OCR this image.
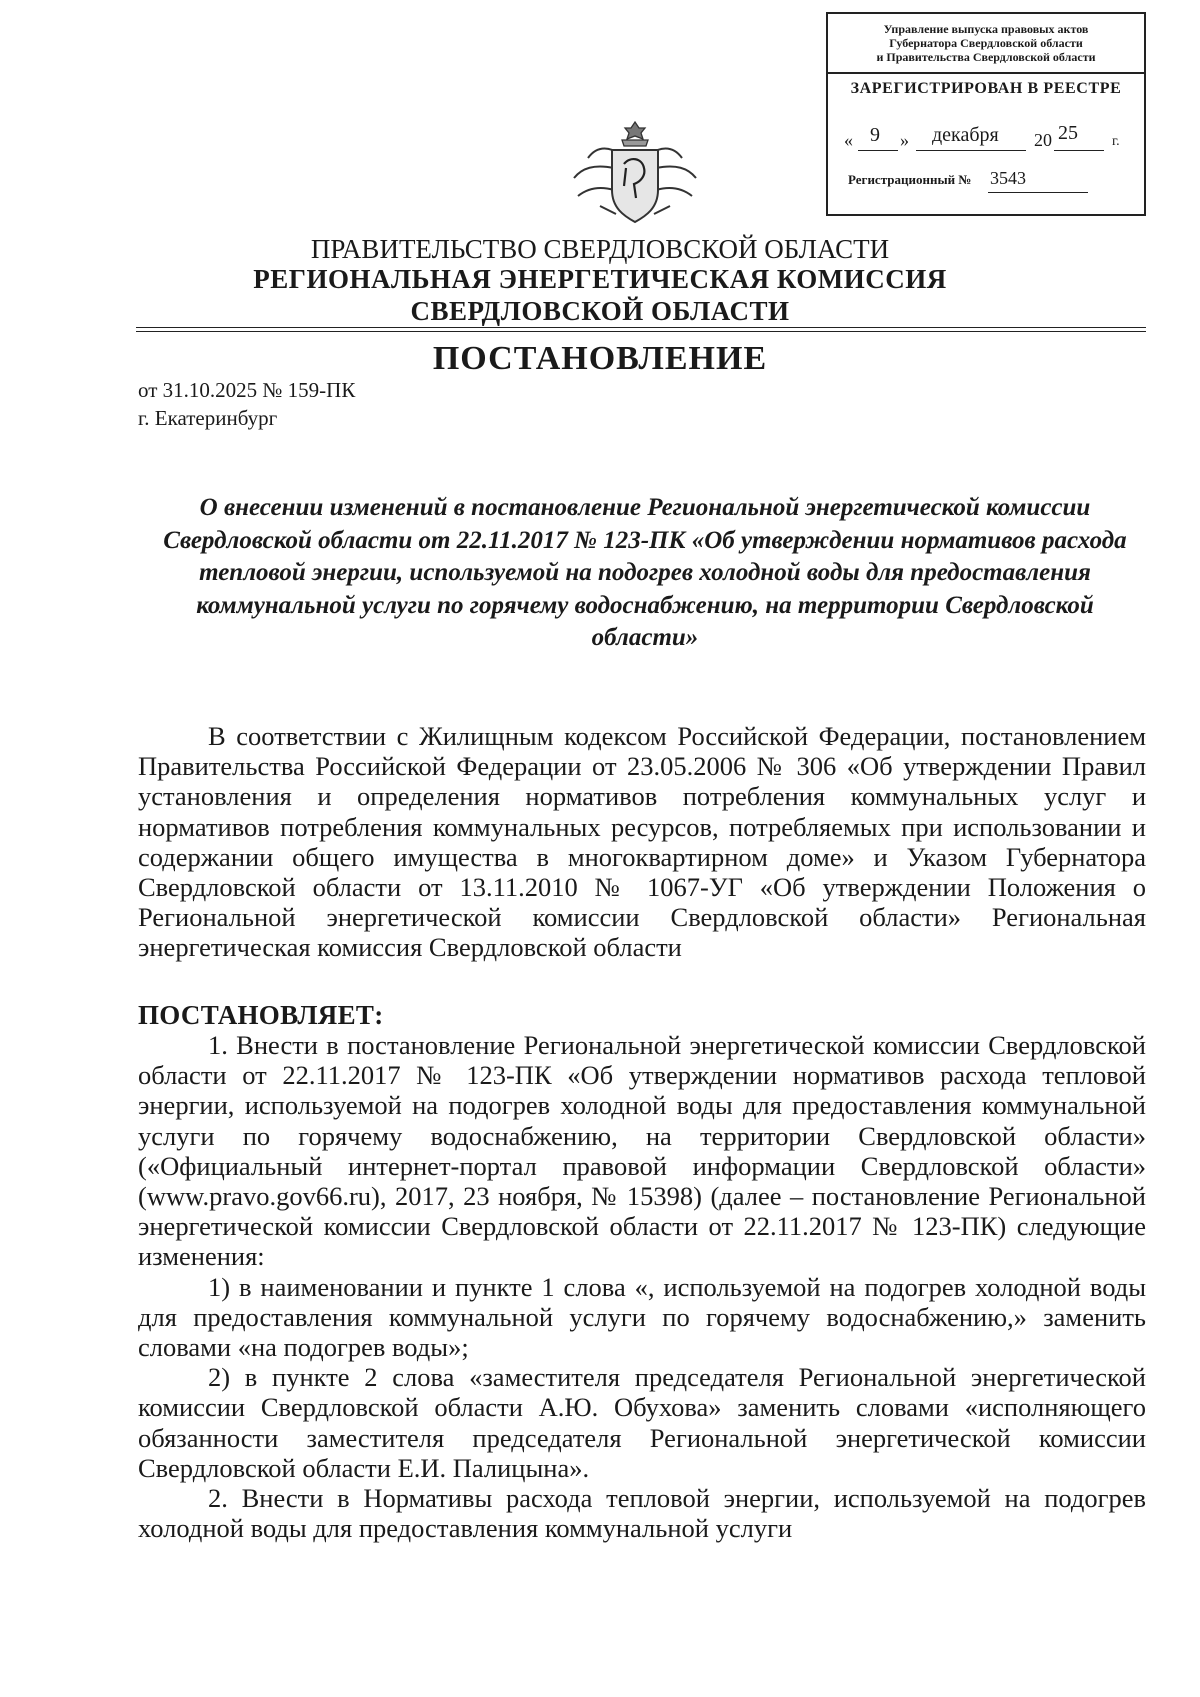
Управление выпуска правовых актов
Губернатора Свердловской области
и Правительства Свердловской области
ЗАРЕГИСТРИРОВАН В РЕЕСТРЕ
« 9 » декабря 20 25 г.
Регистрационный № 3543
ПРАВИТЕЛЬСТВО СВЕРДЛОВСКОЙ ОБЛАСТИ
РЕГИОНАЛЬНАЯ ЭНЕРГЕТИЧЕСКАЯ КОМИССИЯ
СВЕРДЛОВСКОЙ ОБЛАСТИ
ПОСТАНОВЛЕНИЕ
от 31.10.2025 № 159-ПК
г. Екатеринбург
О внесении изменений в постановление Региональной энергетической комиссии Свердловской области от 22.11.2017 № 123-ПК «Об утверждении нормативов расхода тепловой энергии, используемой на подогрев холодной воды для предоставления коммунальной услуги по горячему водоснабжению, на территории Свердловской области»

В соответствии с Жилищным кодексом Российской Федерации, постановлением Правительства Российской Федерации от 23.05.2006 № 306 «Об утверждении Правил установления и определения нормативов потребления коммунальных услуг и нормативов потребления коммунальных ресурсов, потребляемых при использовании и содержании общего имущества в многоквартирном доме» и Указом Губернатора Свердловской области от 13.11.2010 № 1067-УГ «Об утверждении Положения о Региональной энергетической комиссии Свердловской области» Региональная энергетическая комиссия Свердловской области

ПОСТАНОВЛЯЕТ:

1. Внести в постановление Региональной энергетической комиссии Свердловской области от 22.11.2017 № 123-ПК «Об утверждении нормативов расхода тепловой энергии, используемой на подогрев холодной воды для предоставления коммунальной услуги по горячему водоснабжению, на территории Свердловской области» («Официальный интернет-портал правовой информации Свердловской области» (www.pravo.gov66.ru), 2017, 23 ноября, № 15398) (далее – постановление Региональной энергетической комиссии Свердловской области от 22.11.2017 № 123-ПК) следующие изменения:

1) в наименовании и пункте 1 слова «, используемой на подогрев холодной воды для предоставления коммунальной услуги по горячему водоснабжению,» заменить словами «на подогрев воды»;

2) в пункте 2 слова «заместителя председателя Региональной энергетической комиссии Свердловской области А.Ю. Обухова» заменить словами «исполняющего обязанности заместителя председателя Региональной энергетической комиссии Свердловской области Е.И. Палицына».

2. Внести в Нормативы расхода тепловой энергии, используемой на подогрев холодной воды для предоставления коммунальной услуги
